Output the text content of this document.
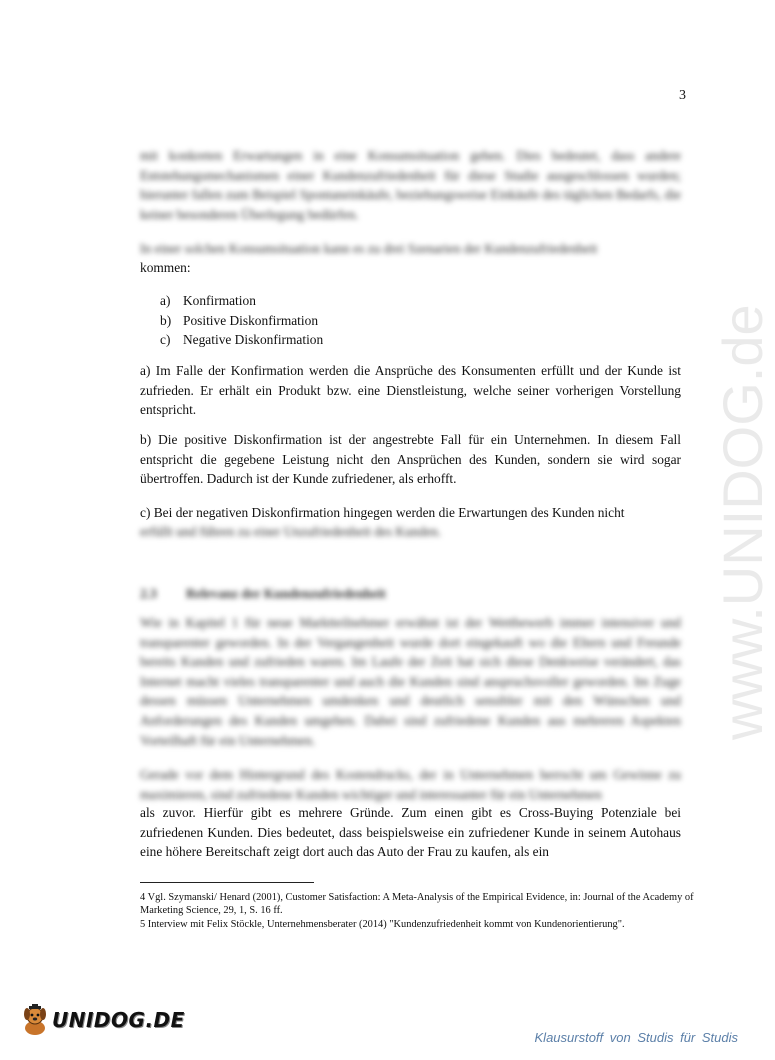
3

mit konkreten Erwartungen in eine Konsumsituation gehen. Dies bedeutet, dass andere Entstehungsmechanismen einer Kundenzufriedenheit für diese Studie ausgeschlossen wurden; hierunter fallen zum Beispiel Spontaneinkäufe, beziehungsweise Einkäufe des täglichen Bedarfs, die keiner besonderen Überlegung bedürfen.

In einer solchen Konsumsituation kann es zu drei Szenarien der Kundenzufriedenheit

kommen:

a) Konfirmation
b) Positive Diskonfirmation
c) Negative Diskonfirmation

a) Im Falle der Konfirmation werden die Ansprüche des Konsumenten erfüllt und der Kunde ist zufrieden. Er erhält ein Produkt bzw. eine Dienstleistung, welche seiner vorherigen Vorstellung entspricht.

b) Die positive Diskonfirmation ist der angestrebte Fall für ein Unternehmen. In diesem Fall entspricht die gegebene Leistung nicht den Ansprüchen des Kunden, sondern sie wird sogar übertroffen. Dadurch ist der Kunde zufriedener, als erhofft.

c) Bei der negativen Diskonfirmation hingegen werden die Erwartungen des Kunden nicht

erfüllt und führen zu einer Unzufriedenheit des Kunden.

2.3 Relevanz der Kundenzufriedenheit

Wie in Kapitel 1 für neue Marktteilnehmer erwähnt ist der Wettbewerb immer intensiver und transparenter geworden. In der Vergangenheit wurde dort eingekauft wo die Eltern und Freunde bereits Kunden und zufrieden waren. Im Laufe der Zeit hat sich diese Denkweise verändert, das Internet macht vieles transparenter und auch die Kunden sind anspruchsvoller geworden. Im Zuge dessen müssen Unternehmen umdenken und deutlich sensibler mit den Wünschen und Anforderungen des Kunden umgehen. Dabei sind zufriedene Kunden aus mehreren Aspekten Vorteilhaft für ein Unternehmen.

Gerade vor dem Hintergrund des Kostendrucks, der in Unternehmen herrscht um Gewinne zu maximieren, sind zufriedene Kunden wichtiger und interessanter für ein Unternehmen

als zuvor. Hierfür gibt es mehrere Gründe. Zum einen gibt es Cross-Buying Potenziale bei zufriedenen Kunden. Dies bedeutet, dass beispielsweise ein zufriedener Kunde in seinem Autohaus eine höhere Bereitschaft zeigt dort auch das Auto der Frau zu kaufen, als ein

4 Vgl. Szymanski/ Henard (2001), Customer Satisfaction: A Meta-Analysis of the Empirical Evidence, in: Journal of the Academy of Marketing Science, 29, 1, S. 16 ff.

5 Interview mit Felix Stöckle, Unternehmensberater (2014) "Kundenzufriedenheit kommt von Kundenorientierung".

www.UNIDOG.de
UNIDOG.DE
Klausurstoff von Studis für Studis
